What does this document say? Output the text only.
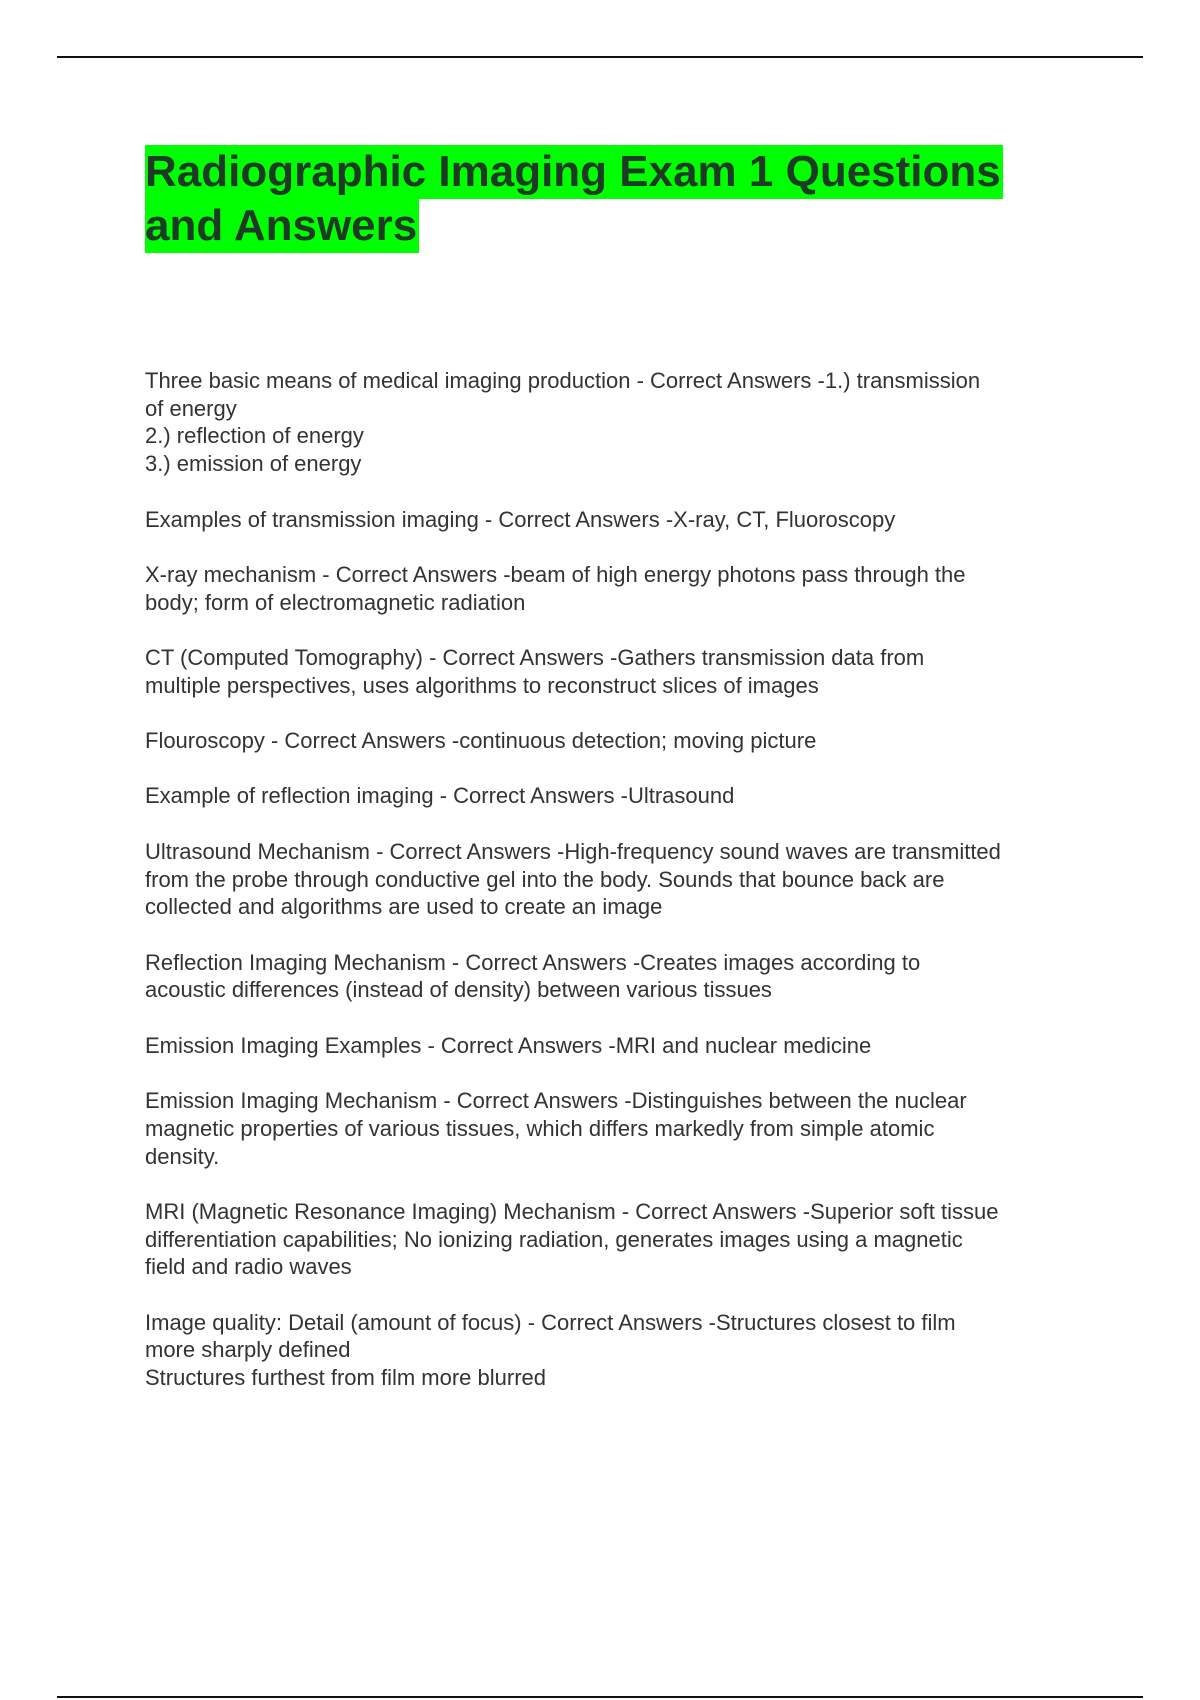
Radiographic Imaging Exam 1 Questions
and Answers
Three basic means of medical imaging production - Correct Answers -1.) transmission
of energy
2.) reflection of energy
3.) emission of energy
Examples of transmission imaging - Correct Answers -X-ray, CT, Fluoroscopy
X-ray mechanism - Correct Answers -beam of high energy photons pass through the
body; form of electromagnetic radiation
CT (Computed Tomography) - Correct Answers -Gathers transmission data from
multiple perspectives, uses algorithms to reconstruct slices of images
Flouroscopy - Correct Answers -continuous detection; moving picture
Example of reflection imaging - Correct Answers -Ultrasound
Ultrasound Mechanism - Correct Answers -High-frequency sound waves are transmitted
from the probe through conductive gel into the body. Sounds that bounce back are
collected and algorithms are used to create an image
Reflection Imaging Mechanism - Correct Answers -Creates images according to
acoustic differences (instead of density) between various tissues
Emission Imaging Examples - Correct Answers -MRI and nuclear medicine
Emission Imaging Mechanism - Correct Answers -Distinguishes between the nuclear
magnetic properties of various tissues, which differs markedly from simple atomic
density.
MRI (Magnetic Resonance Imaging) Mechanism - Correct Answers -Superior soft tissue
differentiation capabilities; No ionizing radiation, generates images using a magnetic
field and radio waves
Image quality: Detail (amount of focus) - Correct Answers -Structures closest to film
more sharply defined
Structures furthest from film more blurred
